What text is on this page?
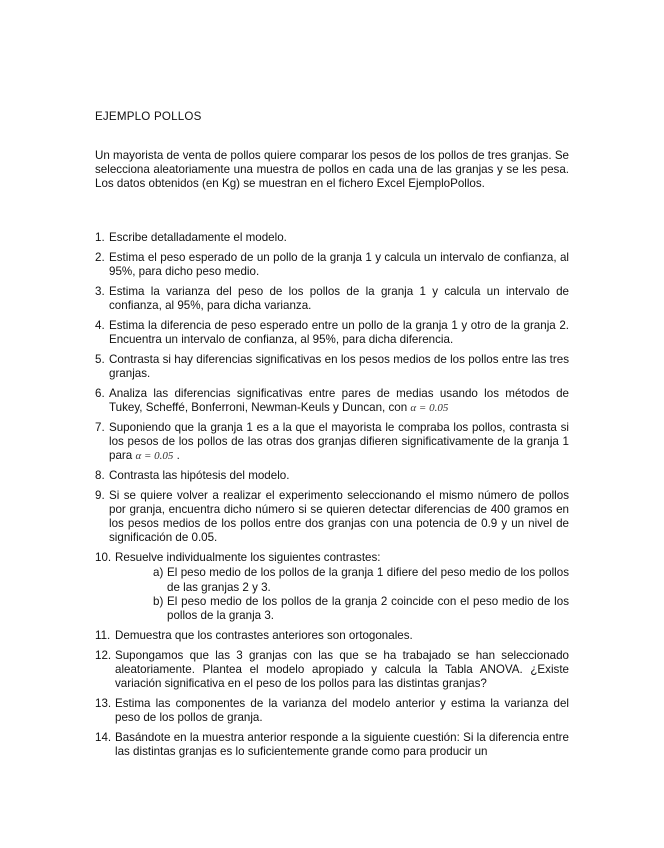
EJEMPLO POLLOS
Un mayorista de venta de pollos quiere comparar los pesos de los pollos de tres granjas. Se selecciona aleatoriamente una muestra de pollos en cada una de las granjas y se les pesa. Los datos obtenidos (en Kg) se muestran en el fichero Excel EjemploPollos.
1. Escribe detalladamente el modelo.
2. Estima el peso esperado de un pollo de la granja 1 y calcula un intervalo de confianza, al 95%, para dicho peso medio.
3. Estima la varianza del peso de los pollos de la granja 1 y calcula un intervalo de confianza, al 95%, para dicha varianza.
4. Estima la diferencia de peso esperado entre un pollo de la granja 1 y otro de la granja 2. Encuentra un intervalo de confianza, al 95%, para dicha diferencia.
5. Contrasta si hay diferencias significativas en los pesos medios de los pollos entre las tres granjas.
6. Analiza las diferencias significativas entre pares de medias usando los métodos de Tukey, Scheffé, Bonferroni, Newman-Keuls y Duncan, con α = 0.05
7. Suponiendo que la granja 1 es a la que el mayorista le compraba los pollos, contrasta si los pesos de los pollos de las otras dos granjas difieren significativamente de la granja 1 para α = 0.05 .
8. Contrasta las hipótesis del modelo.
9. Si se quiere volver a realizar el experimento seleccionando el mismo número de pollos por granja, encuentra dicho número si se quieren detectar diferencias de 400 gramos en los pesos medios de los pollos entre dos granjas con una potencia de 0.9 y un nivel de significación de 0.05.
10. Resuelve individualmente los siguientes contrastes:
a) El peso medio de los pollos de la granja 1 difiere del peso medio de los pollos de las granjas 2 y 3.
b) El peso medio de los pollos de la granja 2 coincide con el peso medio de los pollos de la granja 3.
11. Demuestra que los contrastes anteriores son ortogonales.
12. Supongamos que las 3 granjas con las que se ha trabajado se han seleccionado aleatoriamente. Plantea el modelo apropiado y calcula la Tabla ANOVA. ¿Existe variación significativa en el peso de los pollos para las distintas granjas?
13. Estima las componentes de la varianza del modelo anterior y estima la varianza del peso de los pollos de granja.
14. Basándote en la muestra anterior responde a la siguiente cuestión: Si la diferencia entre las distintas granjas es lo suficientemente grande como para producir un
